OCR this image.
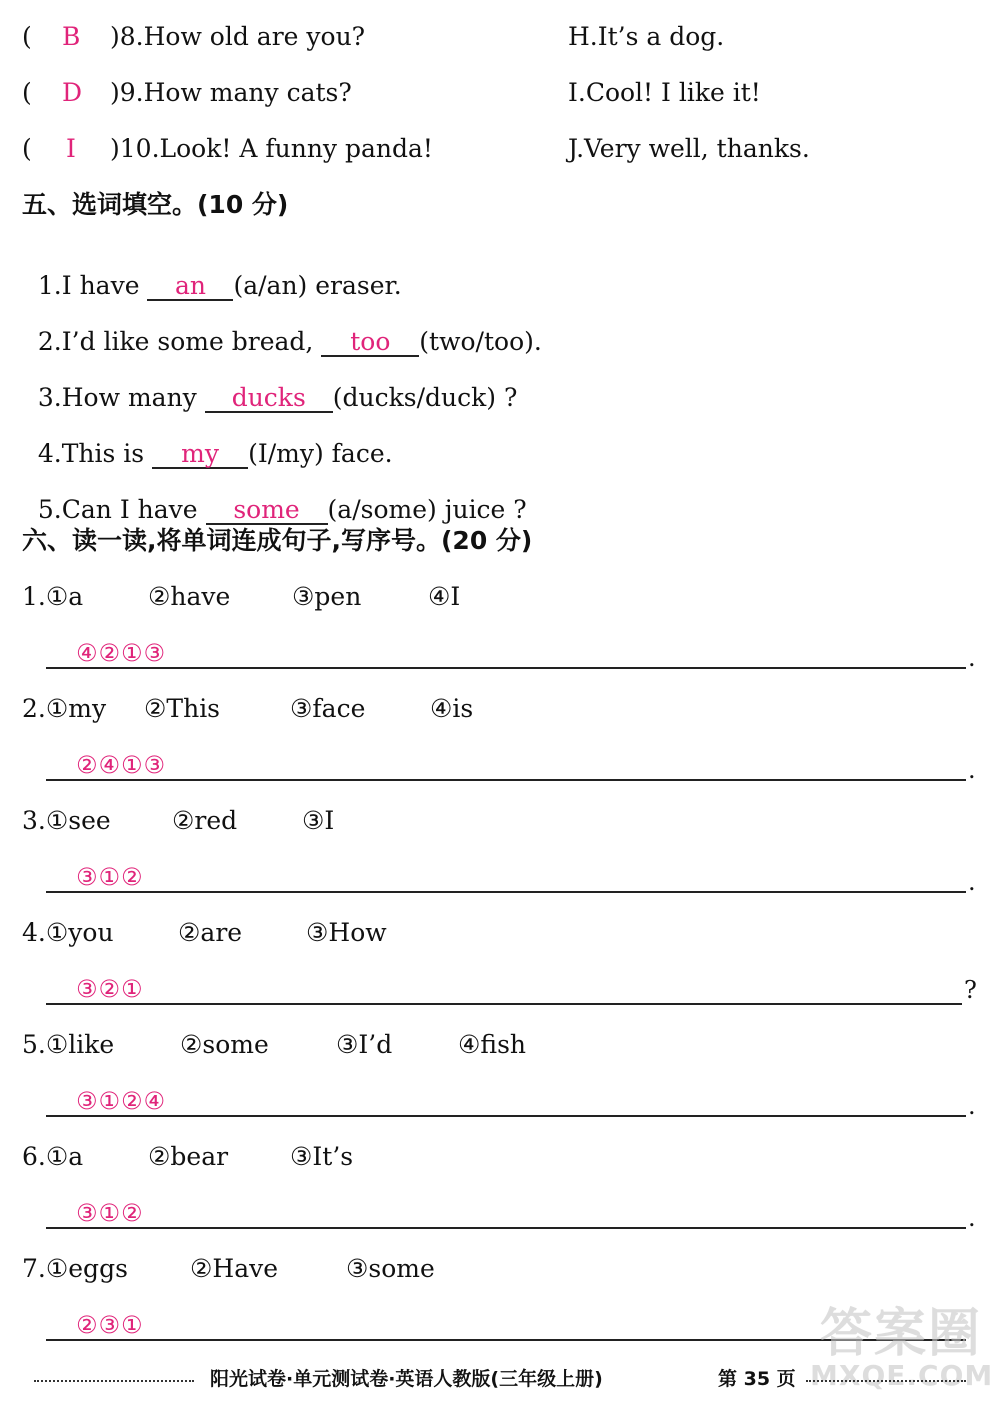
( B )8.How old are you?	H.It’s a dog.
( D )9.How many cats?	I.Cool! I like it!
( I )10.Look! A funny panda!	J.Very well, thanks.
五、选词填空。(10 分)

1.I have an (a/an) eraser.

2.I’d like some bread, too (two/too).

3.How many ducks (ducks/duck) ?

4.This is my (I/my) face.

5.Can I have some (a/some) juice ?

六、读一读,将单词连成句子,写序号。(20 分)
1.①a	②have ③pen	④I
④②①③	.
2.①my ②This	③face	④is
②④①③	.
3.①see ②red	③I
③①②	.
4.①you	②are	③How
③②①	?
5.①like	②some	③I’d	④fish
③①②④	.
6.①a	②bear ③It’s
③①②	.
7.①eggs ②Have	③some
②③①	答案圈
MXQE.COM
阳光试卷·单元测试卷·英语人教版(三年级上册)	第 35 页
